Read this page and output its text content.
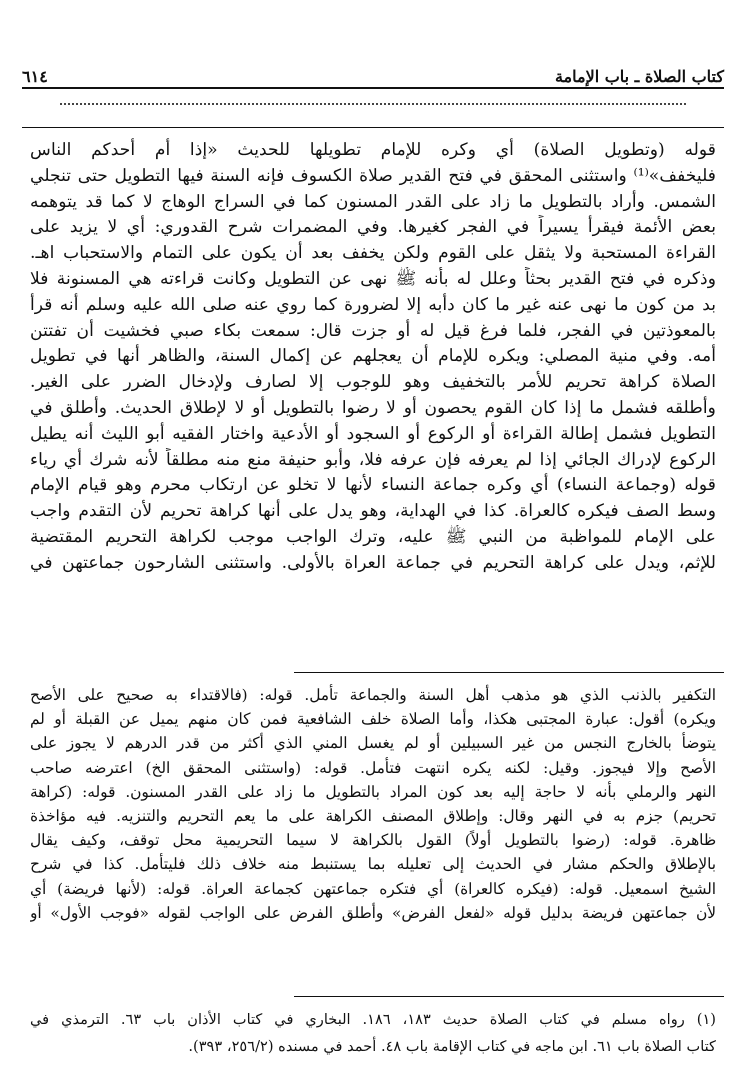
كتاب الصلاة ـ باب الإمامة
٦١٤
قوله (وتطويل الصلاة) أي وكره للإمام تطويلها للحديث «إذا أم أحدكم الناس
فليخفف»⁽¹⁾ واستثنى المحقق في فتح القدير صلاة الكسوف فإنه السنة فيها التطويل حتى تنجلي
الشمس. وأراد بالتطويل ما زاد على القدر المسنون كما في السراج الوهاج لا كما قد يتوهمه
بعض الأئمة فيقرأ يسيراً في الفجر كغيرها. وفي المضمرات شرح القدوري: أي لا يزيد على
القراءة المستحبة ولا يثقل على القوم ولكن يخفف بعد أن يكون على التمام والاستحباب اهـ.
وذكره في فتح القدير بحثاً وعلل له بأنه ﷺ نهى عن التطويل وكانت قراءته هي المسنونة فلا
بد من كون ما نهى عنه غير ما كان دأبه إلا لضرورة كما روي عنه صلى الله عليه وسلم أنه قرأ
بالمعوذتين في الفجر، فلما فرغ قيل له أو جزت قال: سمعت بكاء صبي فخشيت أن تفتتن
أمه. وفي منية المصلي: ويكره للإمام أن يعجلهم عن إكمال السنة، والظاهر أنها في تطويل
الصلاة كراهة تحريم للأمر بالتخفيف وهو للوجوب إلا لصارف ولإدخال الضرر على الغير.
وأطلقه فشمل ما إذا كان القوم يحصون أو لا رضوا بالتطويل أو لا لإطلاق الحديث. وأطلق في
التطويل فشمل إطالة القراءة أو الركوع أو السجود أو الأدعية واختار الفقيه أبو الليث أنه يطيل
الركوع لإدراك الجائي إذا لم يعرفه فإن عرفه فلا، وأبو حنيفة منع منه مطلقاً لأنه شرك أي رياء
قوله (وجماعة النساء) أي وكره جماعة النساء لأنها لا تخلو عن ارتكاب محرم وهو قيام الإمام
وسط الصف فيكره كالعراة. كذا في الهداية، وهو يدل على أنها كراهة تحريم لأن التقدم واجب
على الإمام للمواظبة من النبي ﷺ عليه، وترك الواجب موجب لكراهة التحريم المقتضية
للإثم، ويدل على كراهة التحريم في جماعة العراة بالأولى. واستثنى الشارحون جماعتهن في
التكفير بالذنب الذي هو مذهب أهل السنة والجماعة تأمل. قوله: (فالاقتداء به صحيح على الأصح
ويكره) أقول: عبارة المجتبى هكذا، وأما الصلاة خلف الشافعية فمن كان منهم يميل عن القبلة أو لم
يتوضأ بالخارج النجس من غير السبيلين أو لم يغسل المني الذي أكثر من قدر الدرهم لا يجوز على
الأصح وإلا فيجوز. وقيل: لكنه يكره انتهت فتأمل. قوله: (واستثنى المحقق الخ) اعترضه صاحب
النهر والرملي بأنه لا حاجة إليه بعد كون المراد بالتطويل ما زاد على القدر المسنون. قوله: (كراهة
تحريم) جزم به في النهر وقال: وإطلاق المصنف الكراهة على ما يعم التحريم والتنزيه. فيه مؤاخذة
ظاهرة. قوله: (رضوا بالتطويل أولاً) القول بالكراهة لا سيما التحريمية محل توقف، وكيف يقال
بالإطلاق والحكم مشار في الحديث إلى تعليله بما يستنبط منه خلاف ذلك فليتأمل. كذا في شرح
الشيخ اسمعيل. قوله: (فيكره كالعراة) أي فتكره جماعتهن كجماعة العراة. قوله: (لأنها فريضة) أي
لأن جماعتهن فريضة بدليل قوله «لفعل الفرض» وأطلق الفرض على الواجب لقوله «فوجب الأول» أو
(١) رواه مسلم في كتاب الصلاة حديث ١٨٣، ١٨٦. البخاري في كتاب الأذان باب ٦٣. الترمذي في
كتاب الصلاة باب ٦١. ابن ماجه في كتاب الإقامة باب ٤٨. أحمد في مسنده (٢٥٦/٢، ٣٩٣).
